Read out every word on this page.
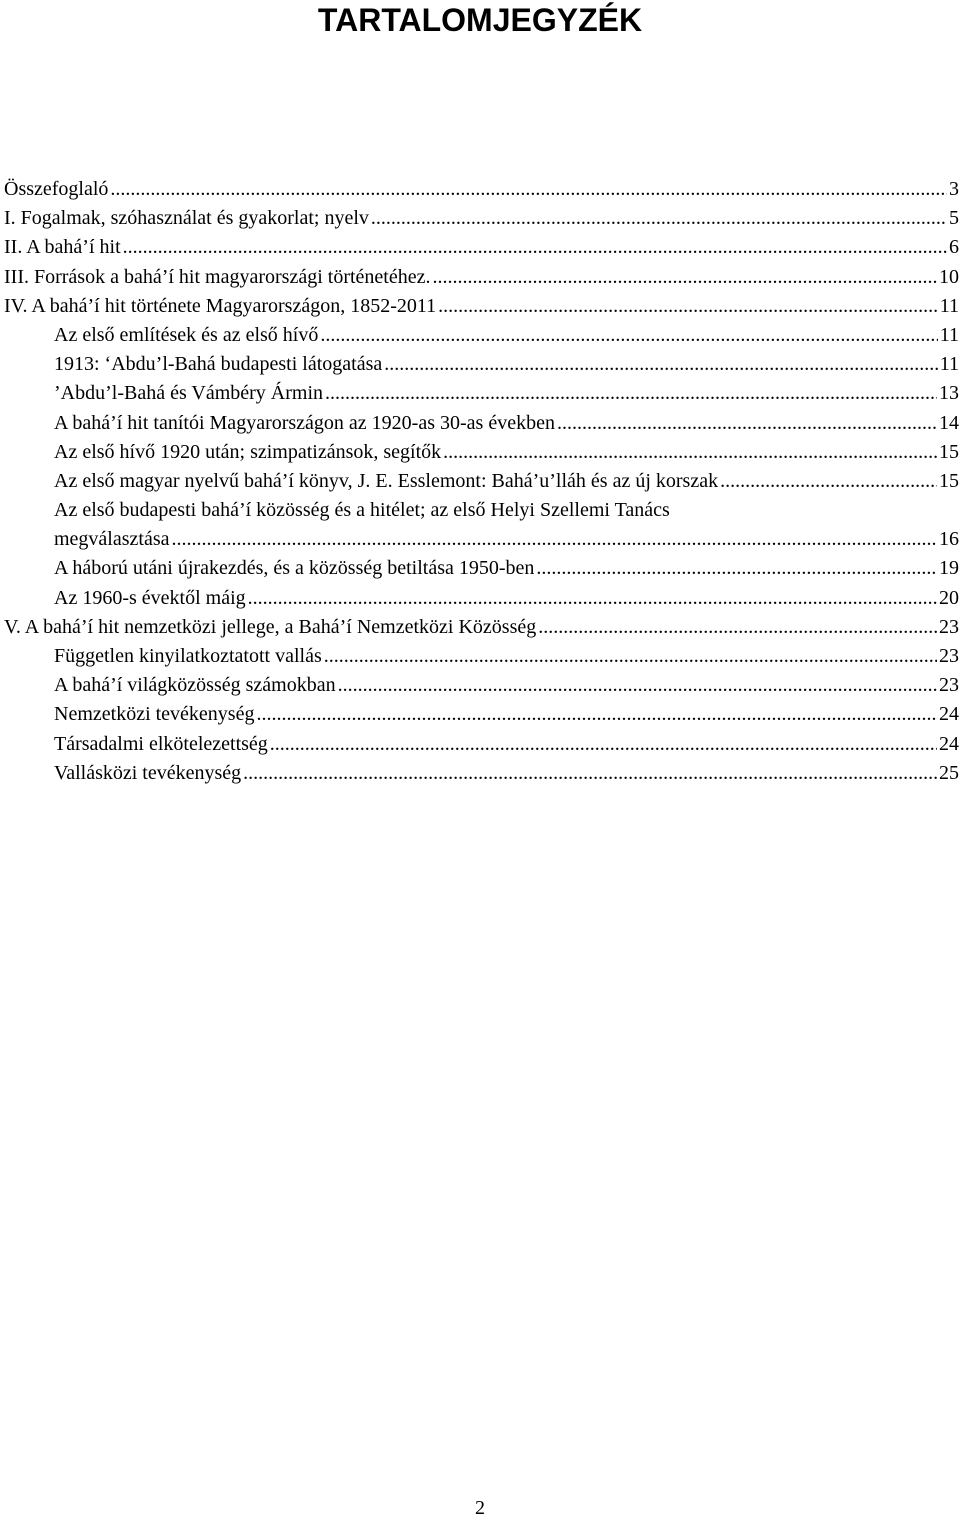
TARTALOMJEGYZÉK
Összefoglaló .....	3
I. Fogalmak, szóhasználat és gyakorlat; nyelv .....	5
II. A bahá’í hit .....	6
III. Források a bahá’í hit magyarországi történetéhez. .....	10
IV. A bahá’í hit története Magyarországon, 1852-2011 .....	11
Az első említések és az első hívő .....	11
1913: ‘Abdu’l-Bahá budapesti látogatása .....	11
’Abdu’l-Bahá és Vámbéry Ármin .....	13
A bahá’í hit tanítói Magyarországon az 1920-as 30-as években .....	14
Az első hívő 1920 után; szimpatizánsok, segítők .....	15
Az első magyar nyelvű bahá’í könyv, J. E. Esslemont: Bahá’u’lláh és az új korszak .....	15
Az első budapesti bahá’í közösség és a hitélet; az első Helyi Szellemi Tanács
megválasztása .....	16
A háború utáni újrakezdés, és a közösség betiltása 1950-ben .....	19
Az 1960-s évektől máig .....	20
V. A bahá’í hit nemzetközi jellege, a Bahá’í Nemzetközi Közösség .....	23
Független kinyilatkoztatott vallás .....	23
A bahá’í világközösség számokban .....	23
Nemzetközi tevékenység .....	24
Társadalmi elkötelezettség .....	24
Vallásközi tevékenység .....	25
2
